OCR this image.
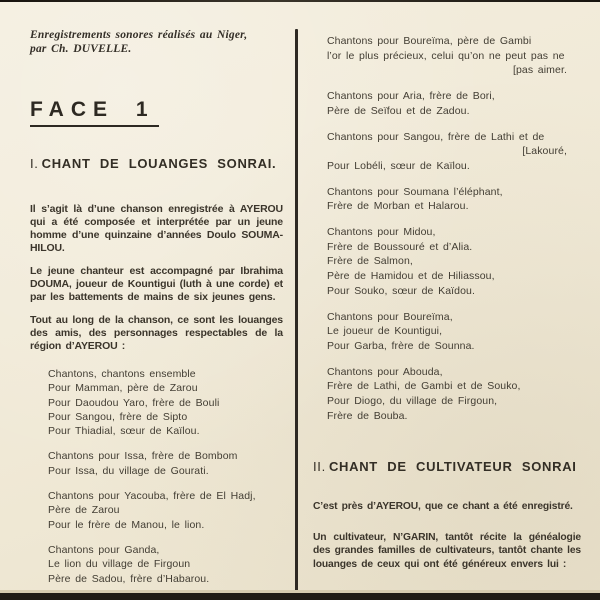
Enregistrements sonores réalisés au Niger,
par Ch. DUVELLE.
FACE 1
I. CHANT DE LOUANGES SONRAI.
Il s’agit là d’une chanson enregistrée à AYEROU qui a été composée et interprétée par un jeune homme d’une quinzaine d’années Doulo SOUMA-HILOU.
Le jeune chanteur est accompagné par Ibrahima DOUMA, joueur de Kountigui (luth à une corde) et par les battements de mains de six jeunes gens.
Tout au long de la chanson, ce sont les louanges des amis, des personnages respectables de la région d’AYEROU :
Chantons, chantons ensemble
Pour Mamman, père de Zarou
Pour Daoudou Yaro, frère de Bouli
Pour Sangou, frère de Sipto
Pour Thiadial, sœur de Kaïlou.
Chantons pour Issa, frère de Bombom
Pour Issa, du village de Gourati.
Chantons pour Yacouba, frère de El Hadj,
Père de Zarou
Pour le frère de Manou, le lion.
Chantons pour Ganda,
Le lion du village de Firgoun
Père de Sadou, frère d’Habarou.
Chantons pour Boureïma, père de Gambi
l’or le plus précieux, celui qu’on ne peut pas ne
[pas aimer.
Chantons pour Aria, frère de Bori,
Père de Seïfou et de Zadou.
Chantons pour Sangou, frère de Lathi et de
[Lakouré,
Pour Lobéli, sœur de Kaïlou.
Chantons pour Soumana l’éléphant,
Frère de Morban et Halarou.
Chantons pour Midou,
Frère de Boussouré et d’Alia.
Frère de Salmon,
Père de Hamidou et de Hiliassou,
Pour Souko, sœur de Kaïdou.
Chantons pour Boureïma,
Le joueur de Kountigui,
Pour Garba, frère de Sounna.
Chantons pour Abouda,
Frère de Lathi, de Gambi et de Souko,
Pour Diogo, du village de Firgoun,
Frère de Bouba.
II. CHANT DE CULTIVATEUR SONRAI
C’est près d’AYEROU, que ce chant a été enregistré.
Un cultivateur, N’GARIN, tantôt récite la généalogie des grandes familles de cultivateurs, tantôt chante les louanges de ceux qui ont été généreux envers lui :
